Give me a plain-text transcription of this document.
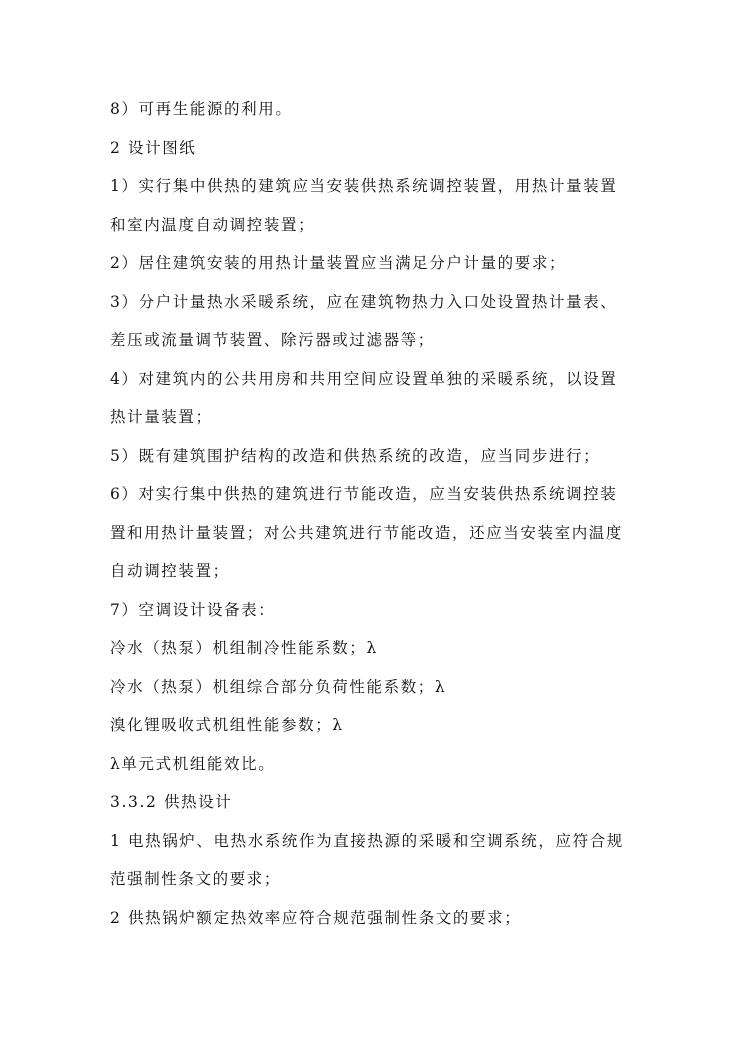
8）可再生能源的利用。
2 设计图纸
1）实行集中供热的建筑应当安装供热系统调控装置，用热计量装置
和室内温度自动调控装置；
2）居住建筑安装的用热计量装置应当满足分户计量的要求；
3）分户计量热水采暖系统，应在建筑物热力入口处设置热计量表、
差压或流量调节装置、除污器或过滤器等；
4）对建筑内的公共用房和共用空间应设置单独的采暖系统，以设置
热计量装置；
5）既有建筑围护结构的改造和供热系统的改造，应当同步进行；
6）对实行集中供热的建筑进行节能改造，应当安装供热系统调控装
置和用热计量装置；对公共建筑进行节能改造，还应当安装室内温度
自动调控装置；
7）空调设计设备表：
冷水（热泵）机组制冷性能系数；λ
冷水（热泵）机组综合部分负荷性能系数；λ
溴化锂吸收式机组性能参数；λ
λ单元式机组能效比。
3.3.2 供热设计
1 电热锅炉、电热水系统作为直接热源的采暖和空调系统，应符合规
范强制性条文的要求；
2 供热锅炉额定热效率应符合规范强制性条文的要求；
